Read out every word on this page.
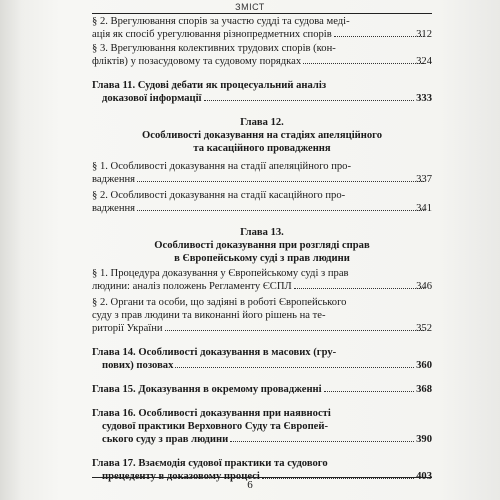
ЗМІСТ
§ 2. Врегулювання спорів за участю судді та судова меді-
ація як спосіб урегулювання різнопредметних спорів	312
§ 3. Врегулювання колективних трудових спорів (кон-
фліктів) у позасудовому та судовому порядках	324
Глава 11. Судові дебати як процесуальний аналіз
доказової інформації	333
Глава 12.
Особливості доказування на стадіях апеляційного
та касаційного провадження
§ 1. Особливості доказування на стадії апеляційного про-
вадження	337
§ 2. Особливості доказування на стадії касаційного про-
вадження	341
Глава 13.
Особливості доказування при розгляді справ
в Європейському суді з прав людини
§ 1. Процедура доказування у Європейському суді з прав
людини: аналіз положень Регламенту ЄСПЛ	346
§ 2. Органи та особи, що задіяні в роботі Європейського
суду з прав людини та виконанні його рішень на те-
риторії України	352
Глава 14. Особливості доказування в масових (гру-
пових) позовах	360
Глава 15. Доказування в окремому провадженні	368
Глава 16. Особливості доказування при наявності
судової практики Верховного Суду та Європей-
ського суду з прав людини	390
Глава 17. Взаємодія судової практики та судового
прецеденту в доказовому процесі	403
6
